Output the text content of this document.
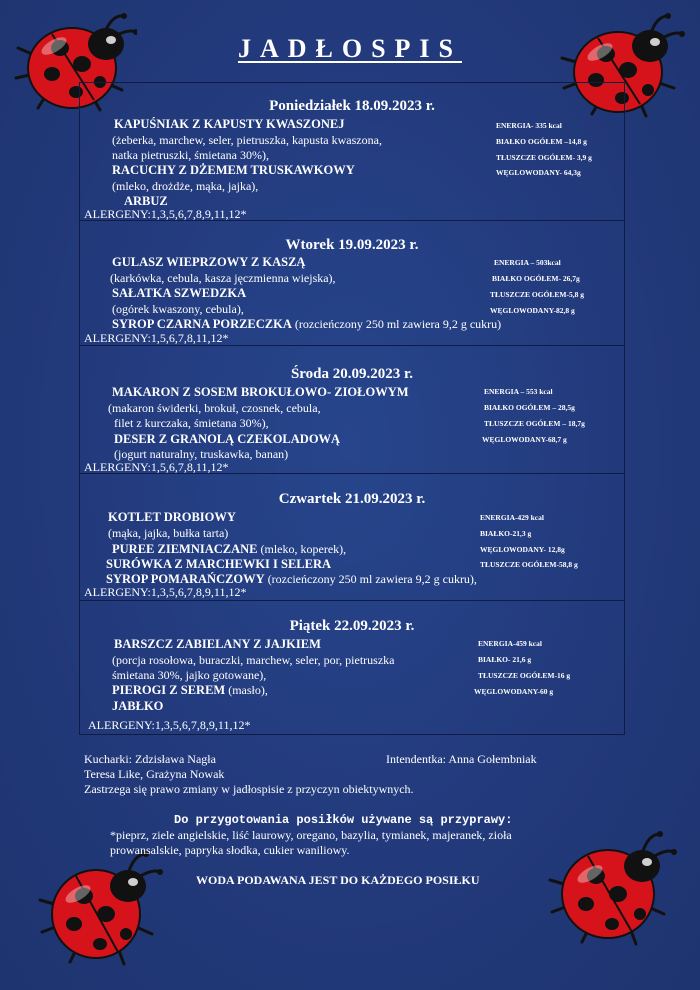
JADŁOSPIS
Poniedziałek 18.09.2023 r.
KAPUŚNIAK Z KAPUSTY KWASZONEJ
(żeberka, marchew, seler, pietruszka, kapusta kwaszona,
natka pietruszki, śmietana 30%),
RACUCHY Z DŻEMEM TRUSKAWKOWY
(mleko, drożdże, mąka, jajka),
ARBUZ
ENERGIA- 335 kcal
BIAŁKO OGÓŁEM –14,8 g
TŁUSZCZE OGÓŁEM- 3,9 g
WĘGLOWODANY- 64,3g
ALERGENY:1,3,5,6,7,8,9,11,12*
Wtorek 19.09.2023 r.
GULASZ WIEPRZOWY Z KASZĄ
(karkówka, cebula, kasza jęczmienna wiejska),
SAŁATKA SZWEDZKA
(ogórek kwaszony, cebula),
SYROP CZARNA PORZECZKA (rozcieńczony 250 ml zawiera 9,2 g cukru)
ENERGIA – 503kcal
BIAŁKO OGÓŁEM- 26,7g
TŁUSZCZE OGÓŁEM-5,8 g
WĘGLOWODANY-82,8 g
ALERGENY:1,5,6,7,8,11,12*
Środa 20.09.2023 r.
MAKARON Z SOSEM BROKUŁOWO- ZIOŁOWYM
(makaron świderki, brokuł, czosnek, cebula,
filet z kurczaka, śmietana 30%),
DESER Z GRANOLĄ CZEKOLADOWĄ
(jogurt naturalny, truskawka, banan)
ENERGIA – 553 kcal
BIAŁKO OGÓŁEM – 28,5g
TŁUSZCZE OGÓŁEM – 18,7g
WĘGLOWODANY-68,7 g
ALERGENY:1,5,6,7,8,11,12*
Czwartek 21.09.2023 r.
KOTLET DROBIOWY
(mąka, jajka, bułka tarta)
PUREE ZIEMNIACZANE (mleko, koperek),
SURÓWKA Z MARCHEWKI I SELERA
SYROP POMARAŃCZOWY (rozcieńczony 250 ml zawiera 9,2 g cukru),
ENERGIA-429 kcal
BIAŁKO-21,3 g
WĘGLOWODANY- 12,8g
TŁUSZCZE OGÓŁEM-58,8 g
ALERGENY:1,3,5,6,7,8,9,11,12*
Piątek 22.09.2023 r.
BARSZCZ ZABIELANY Z JAJKIEM
(porcja rosołowa, buraczki, marchew, seler, por, pietruszka
śmietana 30%, jajko gotowane),
PIEROGI Z SEREM (masło),
JABŁKO
ENERGIA-459 kcal
BIAŁKO- 21,6 g
TŁUSZCZE OGÓŁEM-16 g
WĘGLOWODANY-60 g
ALERGENY:1,3,5,6,7,8,9,11,12*
Kucharki: Zdzisława Nagła	Intendentka: Anna Gołembniak
Teresa Like, Grażyna Nowak
Zastrzega się prawo zmiany w jadłospisie z przyczyn obiektywnych.
Do przygotowania posiłków używane są przyprawy:
*pieprz, ziele angielskie, liść laurowy, oregano, bazylia, tymianek, majeranek, zioła
prowansalskie, papryka słodka, cukier waniliowy.
WODA PODAWANA JEST DO KAŻDEGO POSIŁKU
